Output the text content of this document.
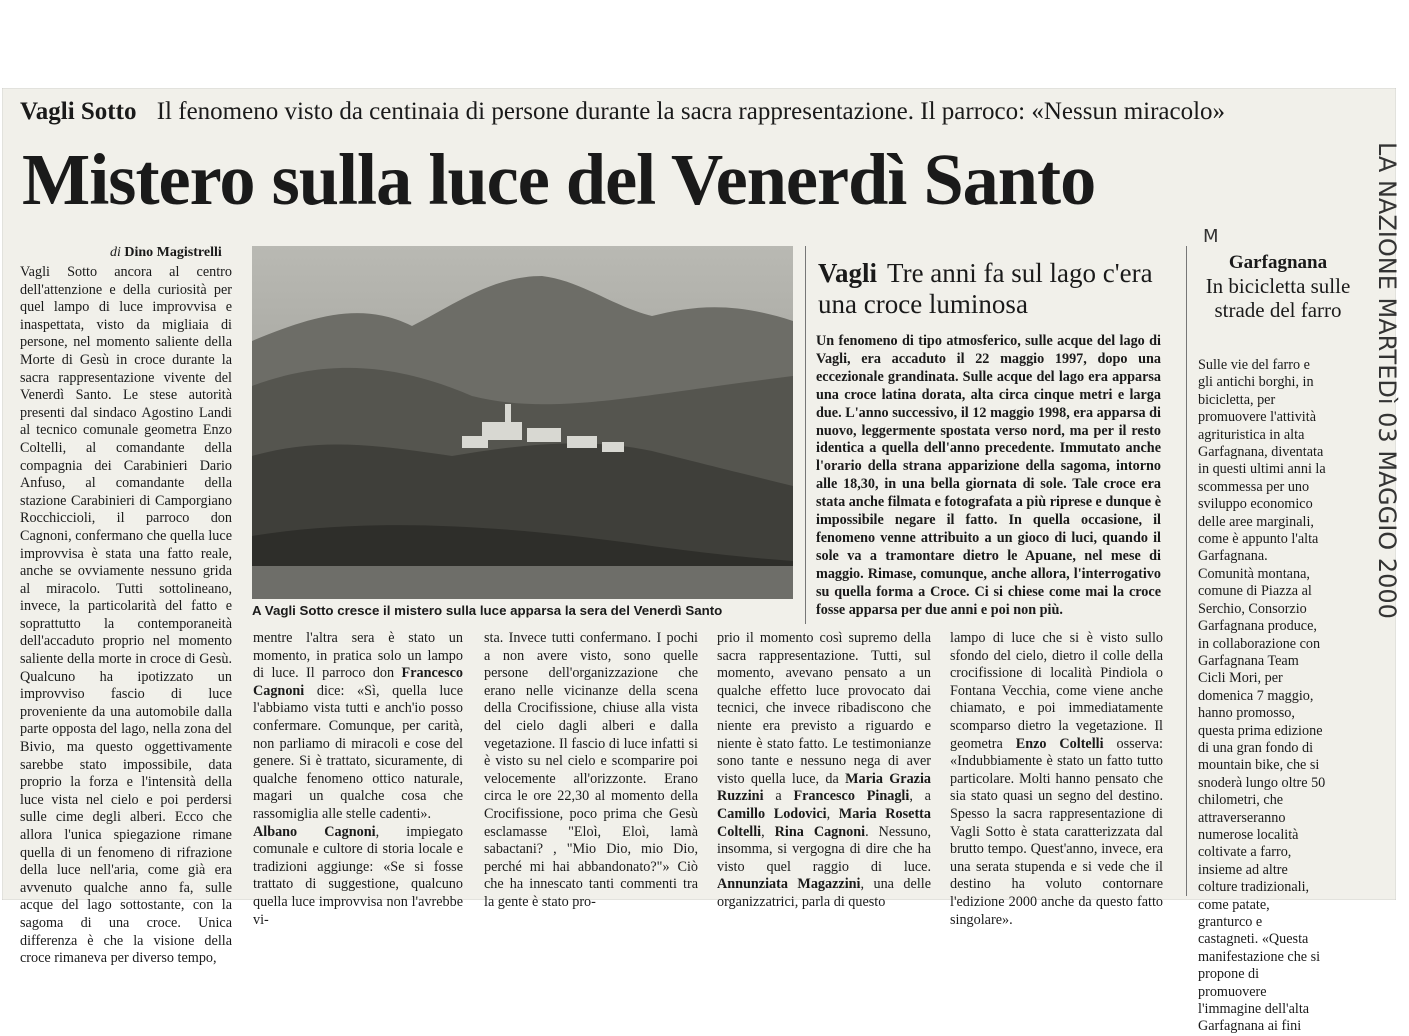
Vagli Sotto Il fenomeno visto da centinaia di persone durante la sacra rappresentazione. Il parroco: «Nessun miracolo»
Mistero sulla luce del Venerdì Santo
di Dino Magistrelli
Vagli Sotto ancora al centro dell'attenzione e della curiosità per quel lampo di luce improvvisa e inaspettata, visto da migliaia di persone, nel momento saliente della Morte di Gesù in croce durante la sacra rappresentazione vivente del Venerdì Santo. Le stese autorità presenti dal sindaco Agostino Landi al tecnico comunale geometra Enzo Coltelli, al comandante della compagnia dei Carabinieri Dario Anfuso, al comandante della stazione Carabinieri di Camporgiano Rocchiccioli, il parroco don Cagnoni, confermano che quella luce improvvisa è stata una fatto reale, anche se ovviamente nessuno grida al miracolo. Tutti sottolineano, invece, la particolarità del fatto e soprattutto la contemporaneità dell'accaduto proprio nel momento saliente della morte in croce di Gesù. Qualcuno ha ipotizzato un improvviso fascio di luce proveniente da una automobile dalla parte opposta del lago, nella zona del Bivio, ma questo oggettivamente sarebbe stato impossibile, data proprio la forza e l'intensità della luce vista nel cielo e poi perdersi sulle cime degli alberi. Ecco che allora l'unica spiegazione rimane quella di un fenomeno di rifrazione della luce nell'aria, come già era avvenuto qualche anno fa, sulle acque del lago sottostante, con la sagoma di una croce. Unica differenza è che la visione della croce rimaneva per diverso tempo,
A Vagli Sotto cresce il mistero sulla luce apparsa la sera del Venerdì Santo
mentre l'altra sera è stato un momento, in pratica solo un lampo di luce. Il parroco don Francesco Cagnoni dice: «Sì, quella luce l'abbiamo vista tutti e anch'io posso confermare. Comunque, per carità, non parliamo di miracoli e cose del genere. Si è trattato, sicuramente, di qualche fenomeno ottico naturale, magari un qualche cosa che rassomiglia alle stelle cadenti».
Albano Cagnoni, impiegato comunale e cultore di storia locale e tradizioni aggiunge: «Se si fosse trattato di suggestione, qualcuno quella luce improvvisa non l'avrebbe vi-
sta. Invece tutti confermano. I pochi a non avere visto, sono quelle persone dell'organizzazione che erano nelle vicinanze della scena della Crocifissione, chiuse alla vista del cielo dagli alberi e dalla vegetazione. Il fascio di luce infatti si è visto su nel cielo e scomparire poi velocemente all'orizzonte. Erano circa le ore 22,30 al momento della Crocifissione, poco prima che Gesù esclamasse "Eloì, Eloì, lamà sabactani? , "Mio Dio, mio Dio, perché mi hai abbandonato?"» Ciò che ha innescato tanti commenti tra la gente è stato pro-
prio il momento così supremo della sacra rappresentazione. Tutti, sul momento, avevano pensato a un qualche effetto luce provocato dai tecnici, che invece ribadiscono che niente era previsto a riguardo e niente è stato fatto. Le testimonianze sono tante e nessuno nega di aver visto quella luce, da Maria Grazia Ruzzini a Francesco Pinagli, a Camillo Lodovici, Maria Rosetta Coltelli, Rina Cagnoni. Nessuno, insomma, si vergogna di dire che ha visto quel raggio di luce. Annunziata Magazzini, una delle organizzatrici, parla di questo
lampo di luce che si è visto sullo sfondo del cielo, dietro il colle della crocifissione di località Pindiola o Fontana Vecchia, come viene anche chiamato, e poi immediatamente scomparso dietro la vegetazione. Il geometra Enzo Coltelli osserva: «Indubbiamente è stato un fatto tutto particolare. Molti hanno pensato che sia stato quasi un segno del destino. Spesso la sacra rappresentazione di Vagli Sotto è stata caratterizzata dal brutto tempo. Quest'anno, invece, era una serata stupenda e si vede che il destino ha voluto contornare l'edizione 2000 anche da questo fatto singolare».
Vagli Tre anni fa sul lago c'era una croce luminosa
Un fenomeno di tipo atmosferico, sulle acque del lago di Vagli, era accaduto il 22 maggio 1997, dopo una eccezionale grandinata. Sulle acque del lago era apparsa una croce latina dorata, alta circa cinque metri e larga due. L'anno successivo, il 12 maggio 1998, era apparsa di nuovo, leggermente spostata verso nord, ma per il resto identica a quella dell'anno precedente. Immutato anche l'orario della strana apparizione della sagoma, intorno alle 18,30, in una bella giornata di sole. Tale croce era stata anche filmata e fotografata a più riprese e dunque è impossibile negare il fatto. In quella occasione, il fenomeno venne attribuito a un gioco di luci, quando il sole va a tramontare dietro le Apuane, nel mese di maggio. Rimase, comunque, anche allora, l'interrogativo su quella forma a Croce. Ci si chiese come mai la croce fosse apparsa per due anni e poi non più.
M
Garfagnana
In bicicletta sulle strade del farro
Sulle vie del farro e gli antichi borghi, in bicicletta, per promuovere l'attività agrituristica in alta Garfagnana, diventata in questi ultimi anni la scommessa per uno sviluppo economico delle aree marginali, come è appunto l'alta Garfagnana. Comunità montana, comune di Piazza al Serchio, Consorzio Garfagnana produce, in collaborazione con Garfagnana Team Cicli Mori, per domenica 7 maggio, hanno promosso, questa prima edizione di una gran fondo di mountain bike, che si snoderà lungo oltre 50 chilometri, che attraverseranno numerose località coltivate a farro, insieme ad altre colture tradizionali, come patate, granturco e castagneti. «Questa manifestazione che si propone di promuovere l'immagine dell'alta Garfagnana ai fini
LA NAZIONE MARTEDì 03 MAGGIO 2000
